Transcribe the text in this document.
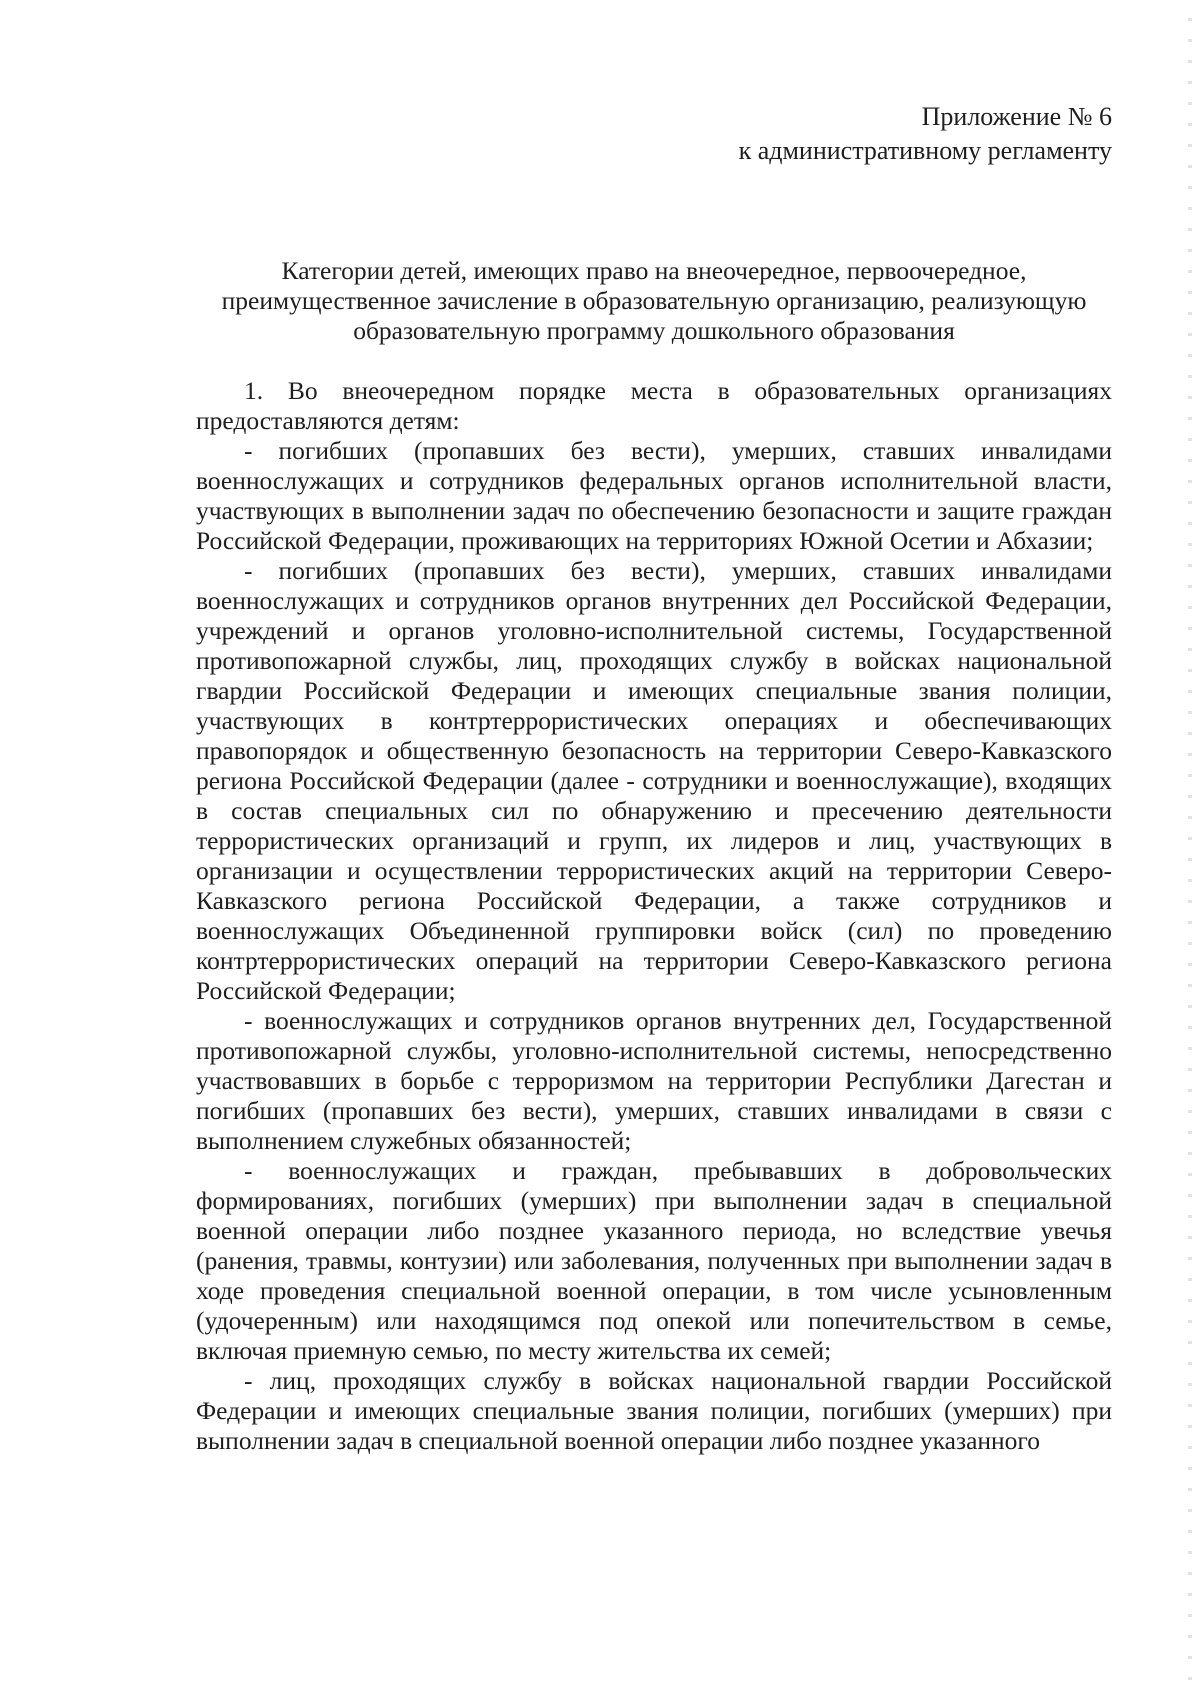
Приложение № 6
к административному регламенту
Категории детей, имеющих право на внеочередное, первоочередное, преимущественное зачисление в образовательную организацию, реализующую образовательную программу дошкольного образования

1. Во внеочередном порядке места в образовательных организациях предоставляются детям:

- погибших (пропавших без вести), умерших, ставших инвалидами военнослужащих и сотрудников федеральных органов исполнительной власти, участвующих в выполнении задач по обеспечению безопасности и защите граждан Российской Федерации, проживающих на территориях Южной Осетии и Абхазии;

- погибших (пропавших без вести), умерших, ставших инвалидами военнослужащих и сотрудников органов внутренних дел Российской Федерации, учреждений и органов уголовно-исполнительной системы, Государственной противопожарной службы, лиц, проходящих службу в войсках национальной гвардии Российской Федерации и имеющих специальные звания полиции, участвующих в контртеррористических операциях и обеспечивающих правопорядок и общественную безопасность на территории Северо-Кавказского региона Российской Федерации (далее - сотрудники и военнослужащие), входящих в состав специальных сил по обнаружению и пресечению деятельности террористических организаций и групп, их лидеров и лиц, участвующих в организации и осуществлении террористических акций на территории Северо-Кавказского региона Российской Федерации, а также сотрудников и военнослужащих Объединенной группировки войск (сил) по проведению контртеррористических операций на территории Северо-Кавказского региона Российской Федерации;

- военнослужащих и сотрудников органов внутренних дел, Государственной противопожарной службы, уголовно-исполнительной системы, непосредственно участвовавших в борьбе с терроризмом на территории Республики Дагестан и погибших (пропавших без вести), умерших, ставших инвалидами в связи с выполнением служебных обязанностей;

- военнослужащих и граждан, пребывавших в добровольческих формированиях, погибших (умерших) при выполнении задач в специальной военной операции либо позднее указанного периода, но вследствие увечья (ранения, травмы, контузии) или заболевания, полученных при выполнении задач в ходе проведения специальной военной операции, в том числе усыновленным (удочеренным) или находящимся под опекой или попечительством в семье, включая приемную семью, по месту жительства их семей;

- лиц, проходящих службу в войсках национальной гвардии Российской Федерации и имеющих специальные звания полиции, погибших (умерших) при выполнении задач в специальной военной операции либо позднее указанного
